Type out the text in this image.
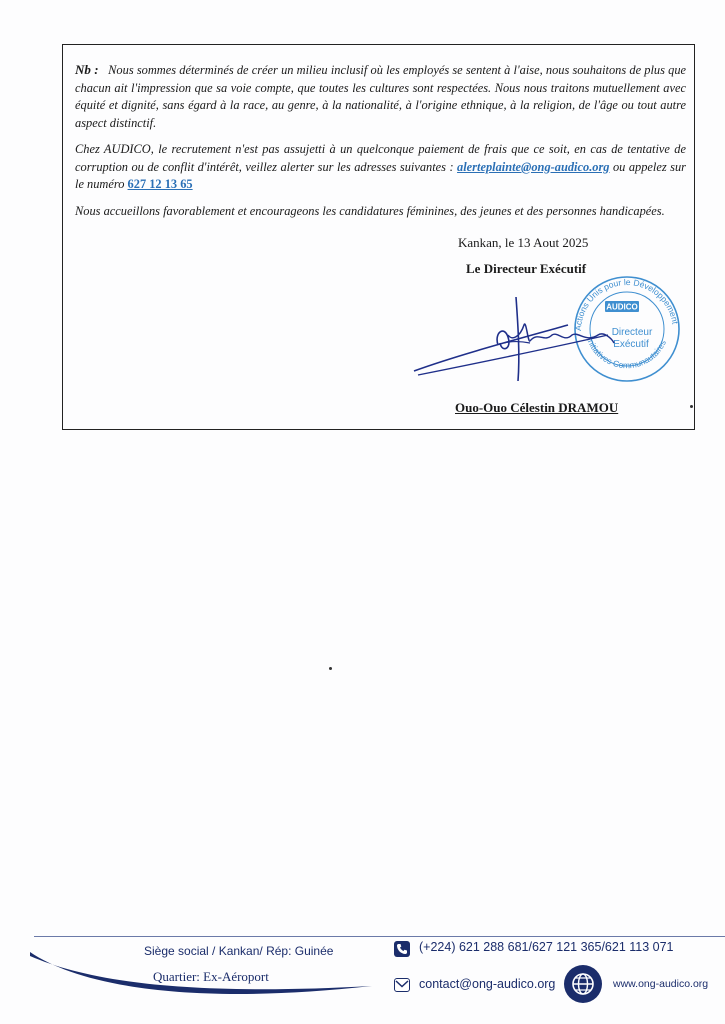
Nb : Nous sommes déterminés de créer un milieu inclusif où les employés se sentent à l'aise, nous souhaitons de plus que chacun ait l'impression que sa voie compte, que toutes les cultures sont respectées. Nous nous traitons mutuellement avec équité et dignité, sans égard à la race, au genre, à la nationalité, à l'origine ethnique, à la religion, de l'âge ou tout autre aspect distinctif.

Chez AUDICO, le recrutement n'est pas assujetti à un quelconque paiement de frais que ce soit, en cas de tentative de corruption ou de conflit d'intérêt, veillez alerter sur les adresses suivantes : alerteplainte@ong-audico.org ou appelez sur le numéro 627 12 13 65

Nous accueillons favorablement et encourageons les candidatures féminines, des jeunes et des personnes handicapées.

Kankan, le 13 Aout 2025
Le Directeur Exécutif
Actions Unis pour le Développement
Initiatives Communautaires
AUDICO
Directeur
Exécutif
Ouo-Ouo Célestin DRAMOU
Siège social / Kankan/ Rép: Guinée
Quartier: Ex-Aéroport
(+224) 621 288 681/627 121 365/621 113 071
contact@ong-audico.org	www.ong-audico.org
